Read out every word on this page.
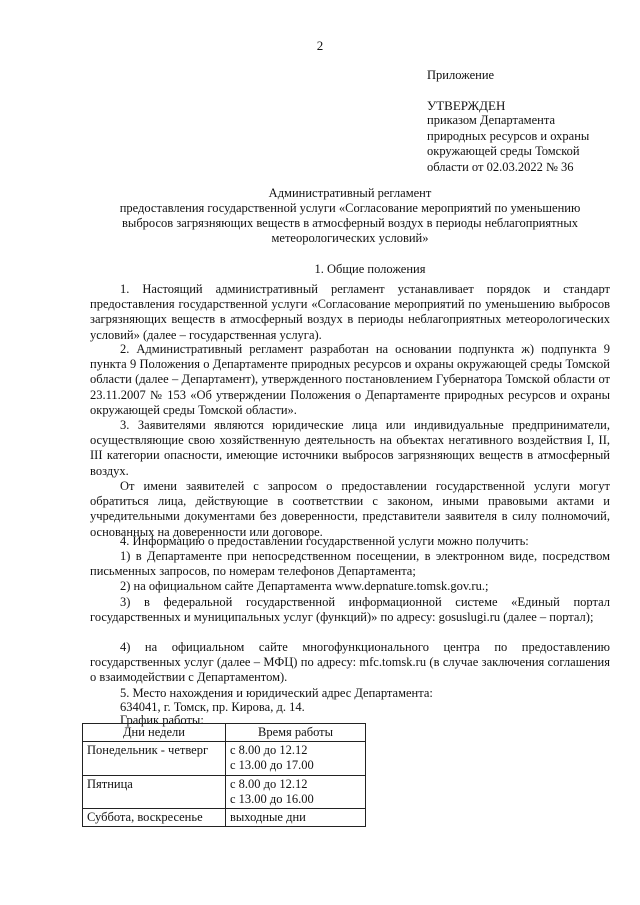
2
Приложение
УТВЕРЖДЕН
приказом Департамента
природных ресурсов и охраны
окружающей среды Томской
области от 02.03.2022 № 36
Административный регламент
предоставления государственной услуги «Согласование мероприятий по уменьшению
выбросов загрязняющих веществ в атмосферный воздух в периоды неблагоприятных
метеорологических условий»
1. Общие положения
1. Настоящий административный регламент устанавливает порядок и стандарт предоставления государственной услуги «Согласование мероприятий по уменьшению выбросов загрязняющих веществ в атмосферный воздух в периоды неблагоприятных метеорологических условий» (далее – государственная услуга).
2. Административный регламент разработан на основании подпункта ж) подпункта 9 пункта 9 Положения о Департаменте природных ресурсов и охраны окружающей среды Томской области (далее – Департамент), утвержденного постановлением Губернатора Томской области от 23.11.2007 № 153 «Об утверждении Положения о Департаменте природных ресурсов и охраны окружающей среды Томской области».
3. Заявителями являются юридические лица или индивидуальные предприниматели, осуществляющие свою хозяйственную деятельность на объектах негативного воздействия I, II, III категории опасности, имеющие источники выбросов загрязняющих веществ в атмосферный воздух.
От имени заявителей с запросом о предоставлении государственной услуги могут обратиться лица, действующие в соответствии с законом, иными правовыми актами и учредительными документами без доверенности, представители заявителя в силу полномочий, основанных на доверенности или договоре.
4. Информацию о предоставлении государственной услуги можно получить:
1) в Департаменте при непосредственном посещении, в электронном виде, посредством письменных запросов, по номерам телефонов Департамента;
2) на официальном сайте Департамента www.depnature.tomsk.gov.ru.;
3) в федеральной государственной информационной системе «Единый портал государственных и муниципальных услуг (функций)» по адресу: gosuslugi.ru (далее – портал);
4) на официальном сайте многофункционального центра по предоставлению государственных услуг (далее – МФЦ) по адресу: mfc.tomsk.ru (в случае заключения соглашения о взаимодействии с Департаментом).
5. Место нахождения и юридический адрес Департамента:
634041, г. Томск, пр. Кирова, д. 14.
График работы:
Дни недели	Время работы
Понедельник - четверг	с 8.00 до 12.12
с 13.00 до 17.00

Пятница	с 8.00 до 12.12
с 13.00 до 16.00

Суббота, воскресенье	выходные дни
